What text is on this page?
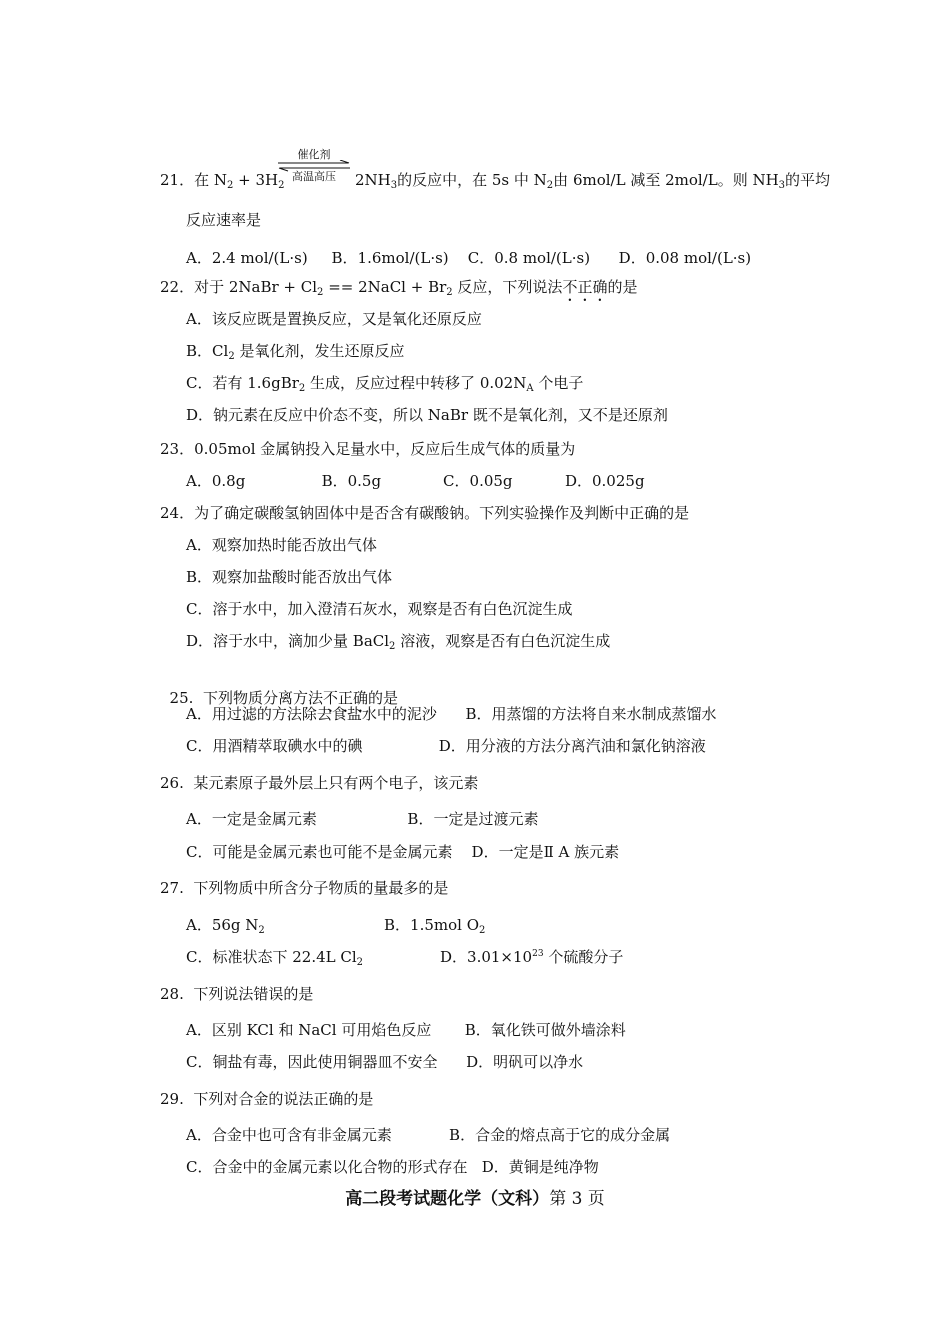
21．在 $N_2 + 3H_2$
催化剂
高温高压	$2NH_3$的反应中，在 5s 中 $N_2$由 6mol/L 减至 2mol/L。则 $NH_3$的平均
反应速率是
A．2.4 mol/(L·s)     B．1.6mol/(L·s)    C．0.8 mol/(L·s)      D．0.08 mol/(L·s)
22．对于 2NaBr + $Cl_2$ == 2NaCl + $Br_2$ 反应，下列说法不正确的是
A．该反应既是置换反应，又是氧化还原反应
B．$Cl_2$ 是氧化剂，发生还原反应
C．若有 1.6gBr$_2$ 生成，反应过程中转移了 $0.02N_A$ 个电子
D．钠元素在反应中价态不变，所以 NaBr 既不是氧化剂，又不是还原剂
23．0.05mol 金属钠投入足量水中，反应后生成气体的质量为
A．0.8g                B．0.5g             C．0.05g           D．0.025g
24．为了确定碳酸氢钠固体中是否含有碳酸钠。下列实验操作及判断中正确的是
A．观察加热时能否放出气体
B．观察加盐酸时能否放出气体
C．溶于水中，加入澄清石灰水，观察是否有白色沉淀生成
D．溶于水中，滴加少量 BaCl$_2$ 溶液，观察是否有白色沉淀生成

25.  下列物质分离方法不正确的是

A．用过滤的方法除去食盐水中的泥沙      B．用蒸馏的方法将自来水制成蒸馏水
C．用酒精萃取碘水中的碘                D．用分液的方法分离汽油和氯化钠溶液
26.  某元素原子最外层上只有两个电子，该元素
A．一定是金属元素                   B．一定是过渡元素
C．可能是金属元素也可能不是金属元素    D．一定是Ⅱ A 族元素
27.  下列物质中所含分子物质的量最多的是
A．56g $N_2$	B．1.5mol $O_2$
C．标准状态下 22.4L $Cl_2$	D．$3.01\times 10^{23}$ 个硫酸分子
28.  下列说法错误的是
A．区别 KCl 和 NaCl 可用焰色反应       B．氧化铁可做外墙涂料
C．铜盐有毒，因此使用铜器皿不安全      D．明矾可以净水
29.  下列对合金的说法正确的是
A．合金中也可含有非金属元素            B．合金的熔点高于它的成分金属
C．合金中的金属元素以化合物的形式存在   D．黄铜是纯净物
高二段考试题化学（文科）第 3 页
